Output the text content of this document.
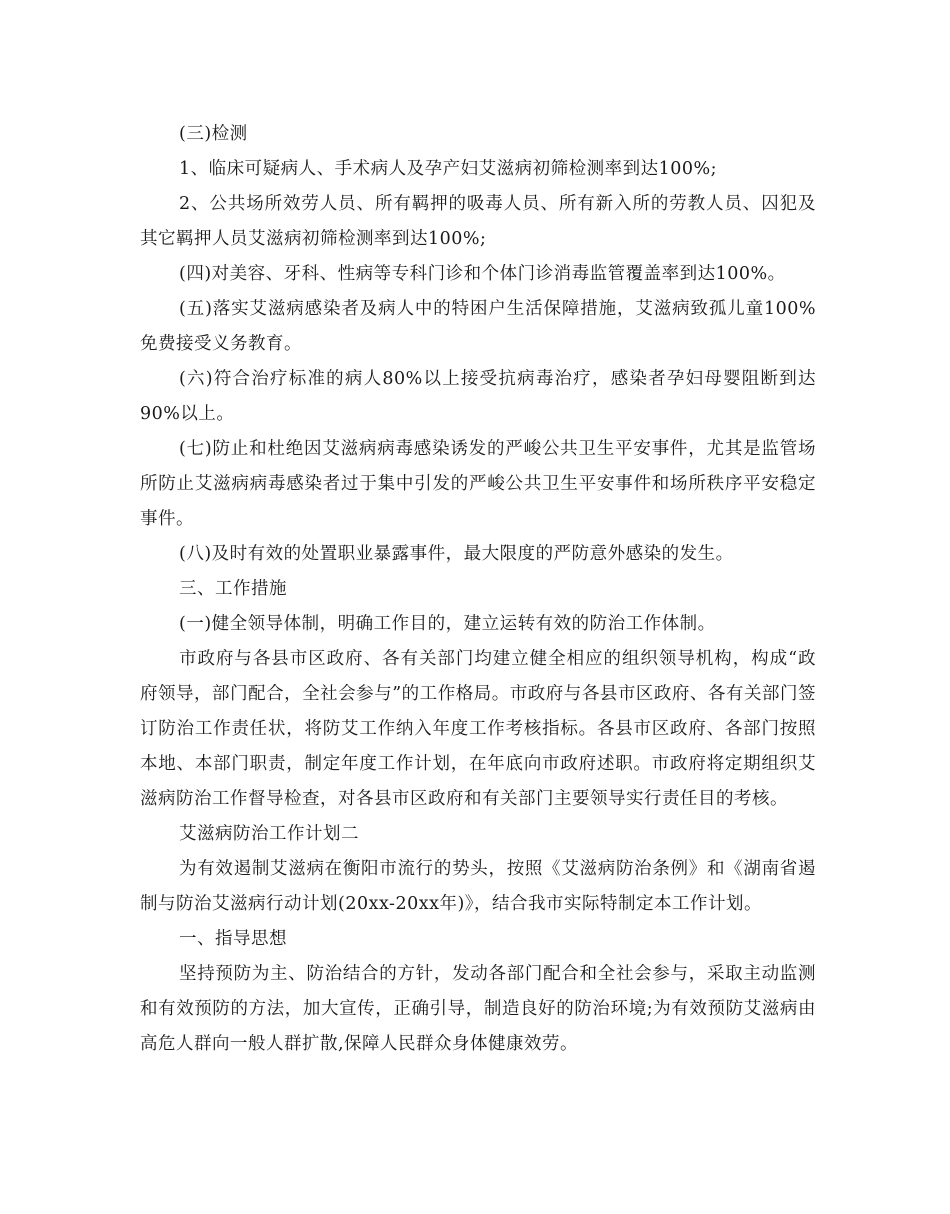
(三)检测

1、临床可疑病人、手术病人及孕产妇艾滋病初筛检测率到达100%;

2、公共场所效劳人员、所有羁押的吸毒人员、所有新入所的劳教人员、囚犯及其它羁押人员艾滋病初筛检测率到达100%;

(四)对美容、牙科、性病等专科门诊和个体门诊消毒监管覆盖率到达100%。

(五)落实艾滋病感染者及病人中的特困户生活保障措施，艾滋病致孤儿童100%免费接受义务教育。

(六)符合治疗标准的病人80%以上接受抗病毒治疗，感染者孕妇母婴阻断到达90%以上。

(七)防止和杜绝因艾滋病病毒感染诱发的严峻公共卫生平安事件，尤其是监管场所防止艾滋病病毒感染者过于集中引发的严峻公共卫生平安事件和场所秩序平安稳定事件。

(八)及时有效的处置职业暴露事件，最大限度的严防意外感染的发生。

三、工作措施

(一)健全领导体制，明确工作目的，建立运转有效的防治工作体制。

市政府与各县市区政府、各有关部门均建立健全相应的组织领导机构，构成“政府领导，部门配合，全社会参与”的工作格局。市政府与各县市区政府、各有关部门签订防治工作责任状，将防艾工作纳入年度工作考核指标。各县市区政府、各部门按照本地、本部门职责，制定年度工作计划，在年底向市政府述职。市政府将定期组织艾滋病防治工作督导检查，对各县市区政府和有关部门主要领导实行责任目的考核。

艾滋病防治工作计划二

为有效遏制艾滋病在衡阳市流行的势头，按照《艾滋病防治条例》和《湖南省遏制与防治艾滋病行动计划(20xx-20xx年)》，结合我市实际特制定本工作计划。

一、指导思想

坚持预防为主、防治结合的方针，发动各部门配合和全社会参与，采取主动监测和有效预防的方法，加大宣传，正确引导，制造良好的防治环境;为有效预防艾滋病由高危人群向一般人群扩散,保障人民群众身体健康效劳。
